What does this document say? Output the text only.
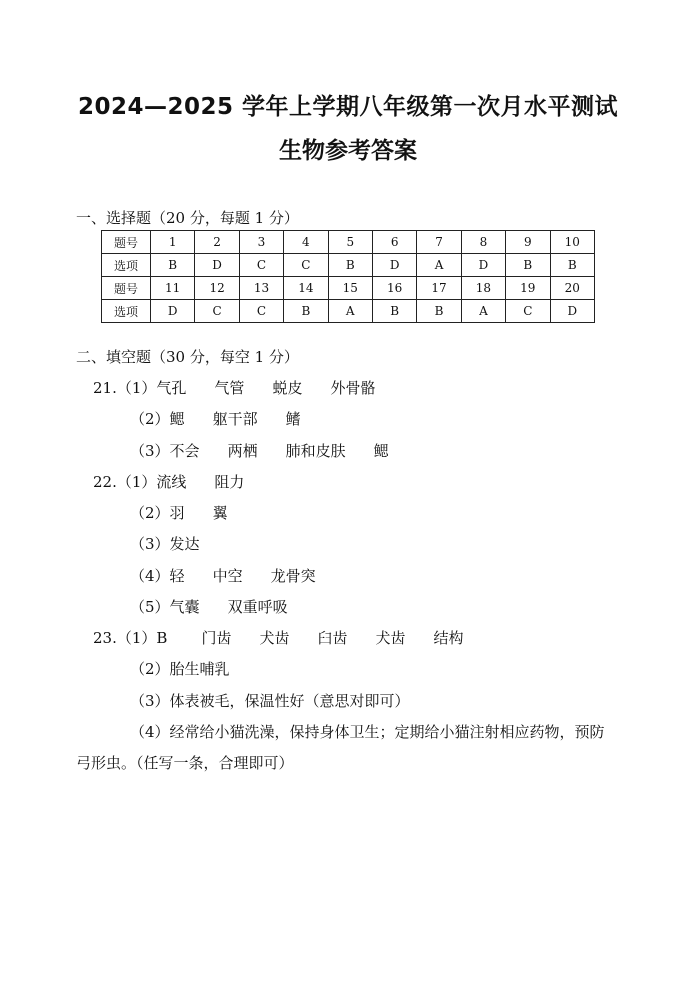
2024—2025 学年上学期八年级第一次月水平测试
生物参考答案
一、选择题（20 分，每题 1 分）
题号	1	2	3	4	5	6	7	8	9	10
选项	B	D	C	C	B	D	A	D	B	B
题号	11	12	13	14	15	16	17	18	19	20
选项	D	C	C	B	A	B	B	A	C	D
二、填空题（30 分，每空 1 分）
21.（1）气孔 气管 蜕皮 外骨骼
（2）鳃 躯干部 鳍
（3）不会 两栖 肺和皮肤 鳃
22.（1）流线 阻力
（2）羽 翼
（3）发达
（4）轻 中空 龙骨突
（5）气囊 双重呼吸
23.（1）B 门齿 犬齿 臼齿 犬齿 结构
（2）胎生哺乳
（3）体表被毛，保温性好（意思对即可）
（4）经常给小猫洗澡，保持身体卫生；定期给小猫注射相应药物，预防
弓形虫。（任写一条，合理即可）
